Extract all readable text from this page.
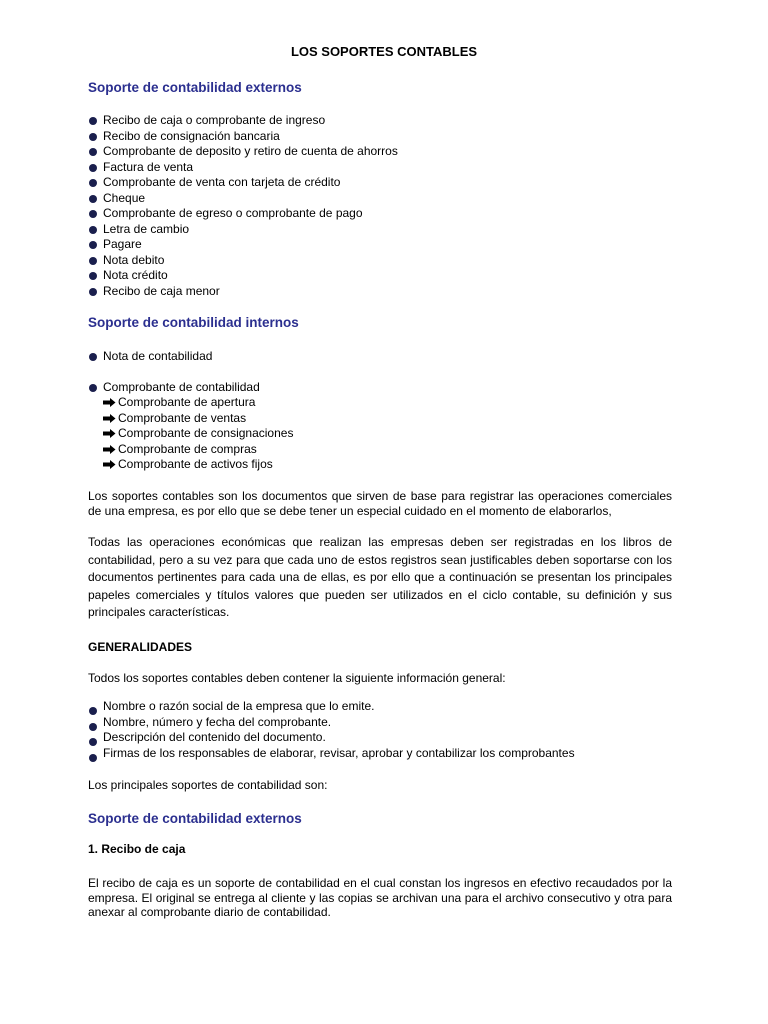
LOS SOPORTES CONTABLES
Soporte de contabilidad externos
Recibo de caja o comprobante de ingreso
Recibo de consignación bancaria
Comprobante de deposito y retiro de cuenta de ahorros
Factura de venta
Comprobante de venta con tarjeta de crédito
Cheque
Comprobante de egreso o comprobante de pago
Letra de cambio
Pagare
Nota debito
Nota crédito
Recibo de caja menor
Soporte de contabilidad internos
Nota de contabilidad
Comprobante de contabilidad
Comprobante de apertura
Comprobante de ventas
Comprobante de consignaciones
Comprobante de compras
Comprobante de activos fijos

Los soportes contables son los documentos que sirven de base para registrar las operaciones comerciales de una empresa, es por ello que se debe tener un especial cuidado en el momento de elaborarlos,

Todas las operaciones económicas que realizan las empresas deben ser registradas en los libros de contabilidad, pero a su vez para que cada uno de estos registros sean justificables deben soportarse con los documentos pertinentes para cada una de ellas, es por ello que a continuación se presentan los principales papeles comerciales y títulos valores que pueden ser utilizados en el ciclo contable, su definición y sus principales características.

GENERALIDADES
Todos los soportes contables deben contener la siguiente información general:
Nombre o razón social de la empresa que lo emite.
Nombre, número y fecha del comprobante.
Descripción del contenido del documento.
Firmas de los responsables de elaborar, revisar, aprobar y contabilizar los comprobantes
Los principales soportes de contabilidad son:
Soporte de contabilidad externos
1. Recibo de caja

El recibo de caja es un soporte de contabilidad en el cual constan los ingresos en efectivo recaudados por la empresa. El original se entrega al cliente y las copias se archivan una para el archivo consecutivo y otra para anexar al comprobante diario de contabilidad.
